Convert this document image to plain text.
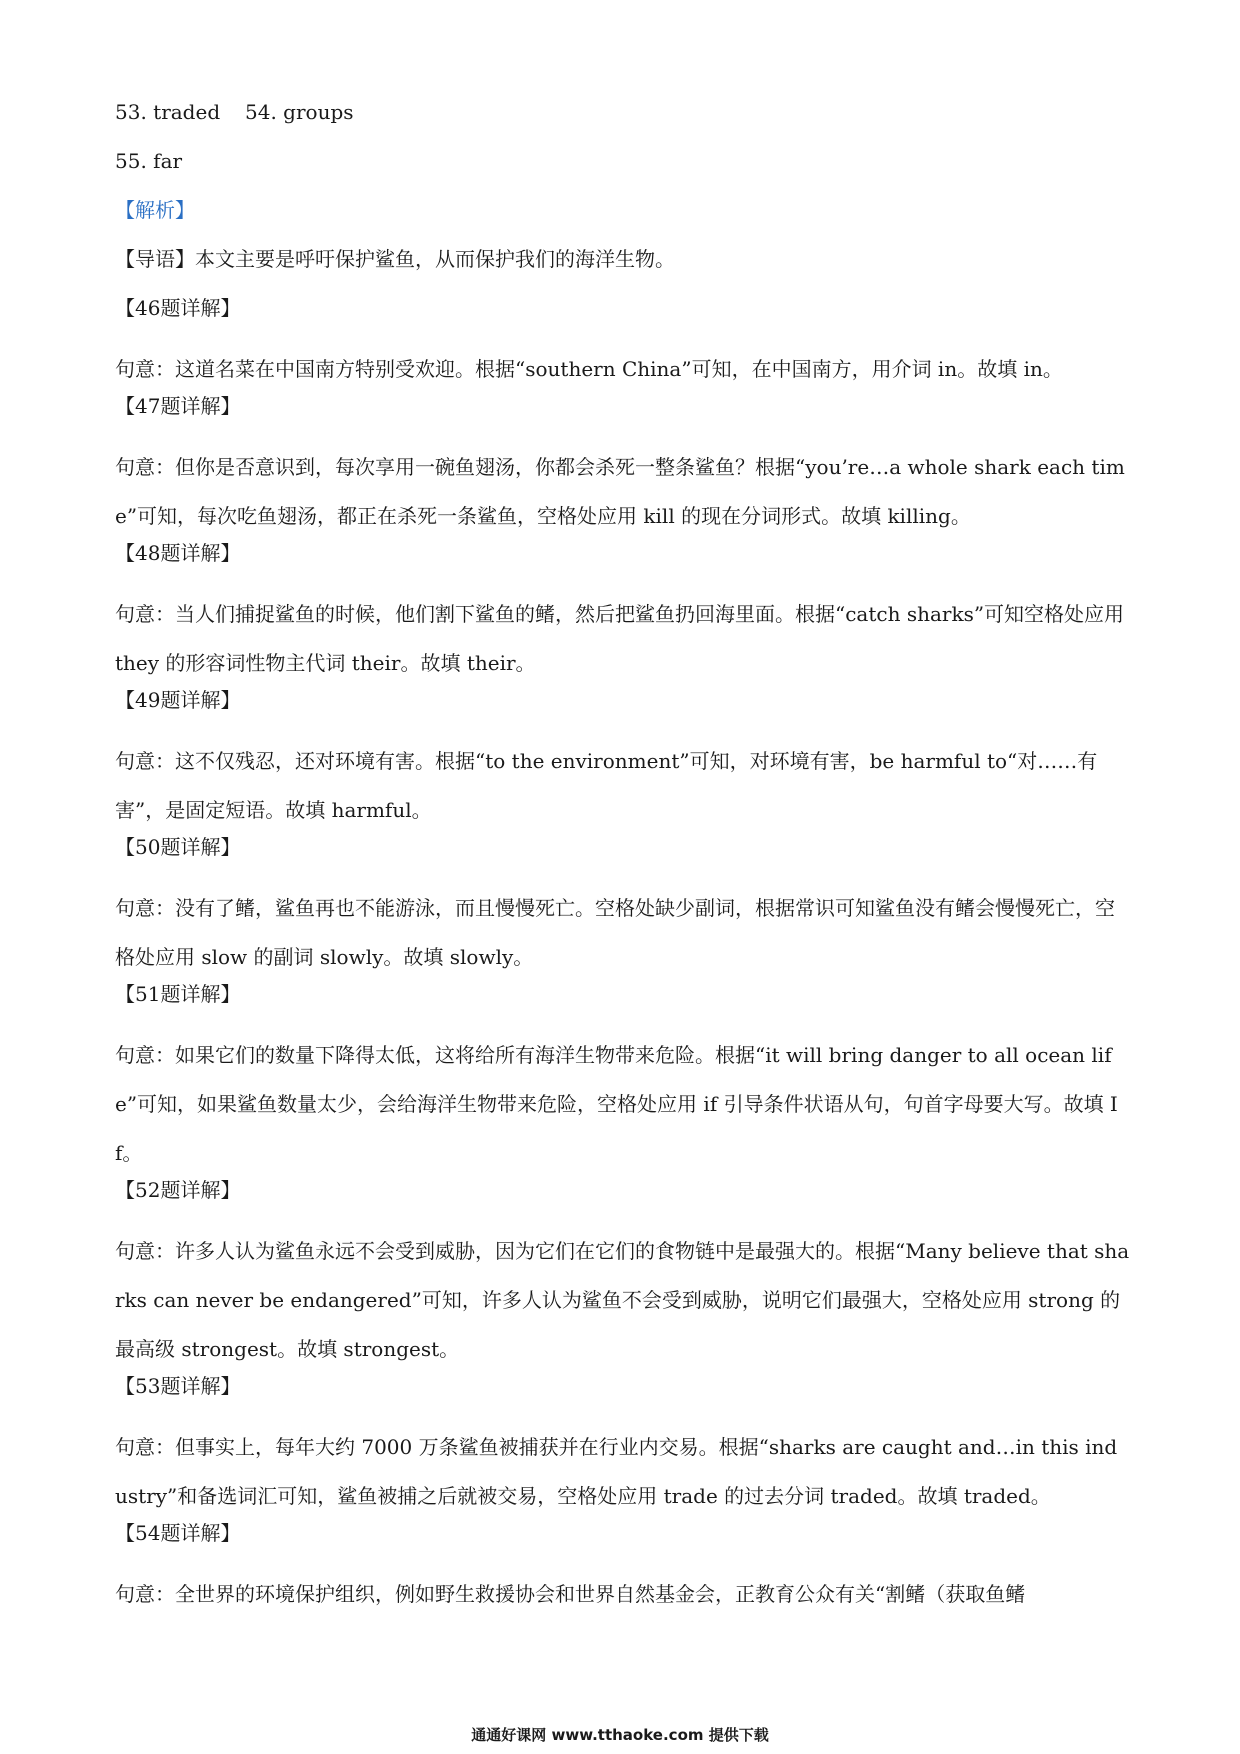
53. traded 54. groups
55. far
【解析】
【导语】本文主要是呼吁保护鲨鱼，从而保护我们的海洋生物。
【46题详解】

句意：这道名菜在中国南方特别受欢迎。根据“southern China”可知，在中国南方，用介词 in。故填 in。

【47题详解】

句意：但你是否意识到，每次享用一碗鱼翅汤，你都会杀死一整条鲨鱼？根据“you’re…a whole shark each time”可知，每次吃鱼翅汤，都正在杀死一条鲨鱼，空格处应用 kill 的现在分词形式。故填 killing。

【48题详解】

句意：当人们捕捉鲨鱼的时候，他们割下鲨鱼的鳍，然后把鲨鱼扔回海里面。根据“catch sharks”可知空格处应用 they 的形容词性物主代词 their。故填 their。

【49题详解】

句意：这不仅残忍，还对环境有害。根据“to the environment”可知，对环境有害，be harmful to“对……有害”，是固定短语。故填 harmful。

【50题详解】

句意：没有了鳍，鲨鱼再也不能游泳，而且慢慢死亡。空格处缺少副词，根据常识可知鲨鱼没有鳍会慢慢死亡，空格处应用 slow 的副词 slowly。故填 slowly。

【51题详解】

句意：如果它们的数量下降得太低，这将给所有海洋生物带来危险。根据“it will bring danger to all ocean life”可知，如果鲨鱼数量太少，会给海洋生物带来危险，空格处应用 if 引导条件状语从句，句首字母要大写。故填 If。

【52题详解】

句意：许多人认为鲨鱼永远不会受到威胁，因为它们在它们的食物链中是最强大的。根据“Many believe that sharks can never be endangered”可知，许多人认为鲨鱼不会受到威胁，说明它们最强大，空格处应用 strong 的最高级 strongest。故填 strongest。

【53题详解】

句意：但事实上，每年大约 7000 万条鲨鱼被捕获并在行业内交易。根据“sharks are caught and…in this industry”和备选词汇可知，鲨鱼被捕之后就被交易，空格处应用 trade 的过去分词 traded。故填 traded。

【54题详解】

句意：全世界的环境保护组织，例如野生救援协会和世界自然基金会，正教育公众有关“割鳍（获取鱼鳍

通通好课网 www.tthaoke.com 提供下载
